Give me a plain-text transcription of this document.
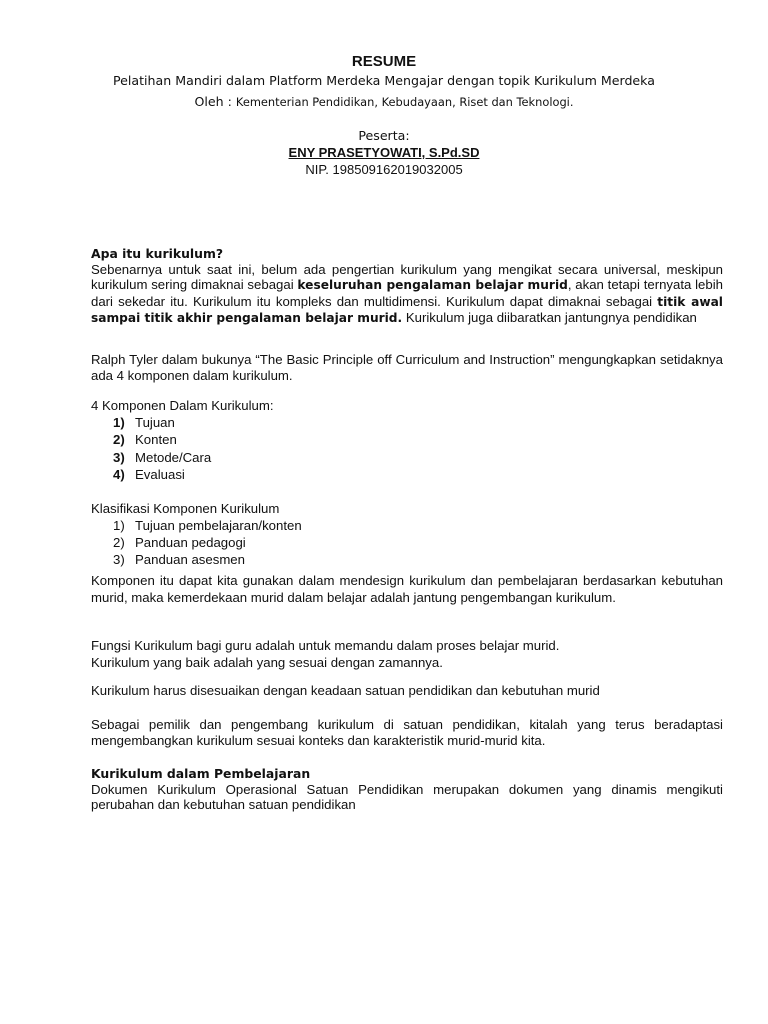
RESUME
Pelatihan Mandiri dalam Platform Merdeka Mengajar dengan topik Kurikulum Merdeka
Oleh : Kementerian Pendidikan, Kebudayaan, Riset dan Teknologi.
Peserta:
ENY PRASETYOWATI, S.Pd.SD
NIP. 198509162019032005

Apa itu kurikulum?

Sebenarnya untuk saat ini, belum ada pengertian kurikulum yang mengikat secara universal, meskipun kurikulum sering dimaknai sebagai keseluruhan pengalaman belajar murid, akan tetapi ternyata lebih dari sekedar itu. Kurikulum itu kompleks dan multidimensi. Kurikulum dapat dimaknai sebagai titik awal sampai titik akhir pengalaman belajar murid. Kurikulum juga diibaratkan jantungnya pendidikan

Ralph Tyler dalam bukunya “The Basic Principle off Curriculum and Instruction” mengungkapkan setidaknya ada 4 komponen dalam kurikulum.

4 Komponen Dalam Kurikulum:

1) Tujuan
2) Konten
3) Metode/Cara
4) Evaluasi

Klasifikasi Komponen Kurikulum

1) Tujuan pembelajaran/konten
2) Panduan pedagogi
3) Panduan asesmen
Komponen itu dapat kita gunakan dalam mendesign kurikulum dan pembelajaran berdasarkan kebutuhan murid, maka kemerdekaan murid dalam belajar adalah jantung pengembangan kurikulum.

Fungsi Kurikulum bagi guru adalah untuk memandu dalam proses belajar murid.

Kurikulum yang baik adalah yang sesuai dengan zamannya.

Kurikulum harus disesuaikan dengan keadaan satuan pendidikan dan kebutuhan murid
Sebagai pemilik dan pengembang kurikulum di satuan pendidikan, kitalah yang terus beradaptasi mengembangkan kurikulum sesuai konteks dan karakteristik murid-murid kita.

Kurikulum dalam Pembelajaran

Dokumen Kurikulum Operasional Satuan Pendidikan merupakan dokumen yang dinamis mengikuti perubahan dan kebutuhan satuan pendidikan
